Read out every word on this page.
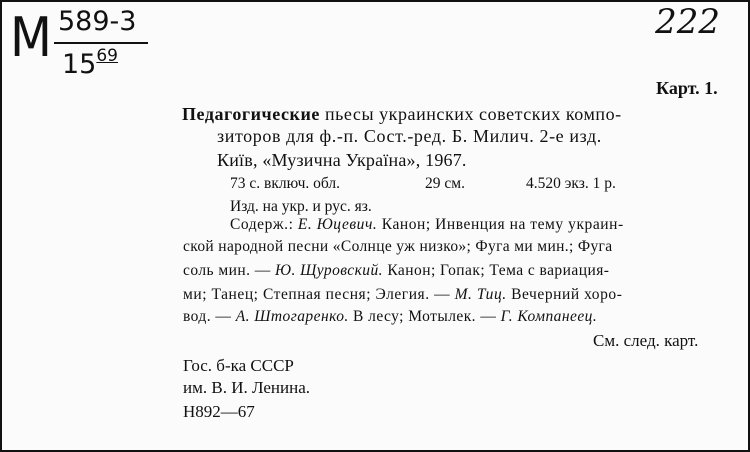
М 589-3
$15^{69}$
222
Карт. 1.
Педагогические пьесы украинских советских компо-
зиторов для ф.-п. Сост.-ред. Б. Милич. 2-е изд.
Київ, «Музична Україна», 1967.
73 с. включ. обл.	29 см.	4.520 экз. 1 р.
Изд. на укр. и рус. яз.
Содерж.: Е. Юцевич. Канон; Инвенция на тему украин-
ской народной песни «Солнце уж низко»; Фуга ми мин.; Фуга
соль мин. — Ю. Щуровский. Канон; Гопак; Тема с вариация-
ми; Танец; Степная песня; Элегия. — М. Тиц. Вечерний хоро-
вод. — А. Штогаренко. В лесу; Мотылек. — Г. Компанеец.
См. след. карт.
Гос. б-ка СССР
им. В. И. Ленина.
Н892—67
